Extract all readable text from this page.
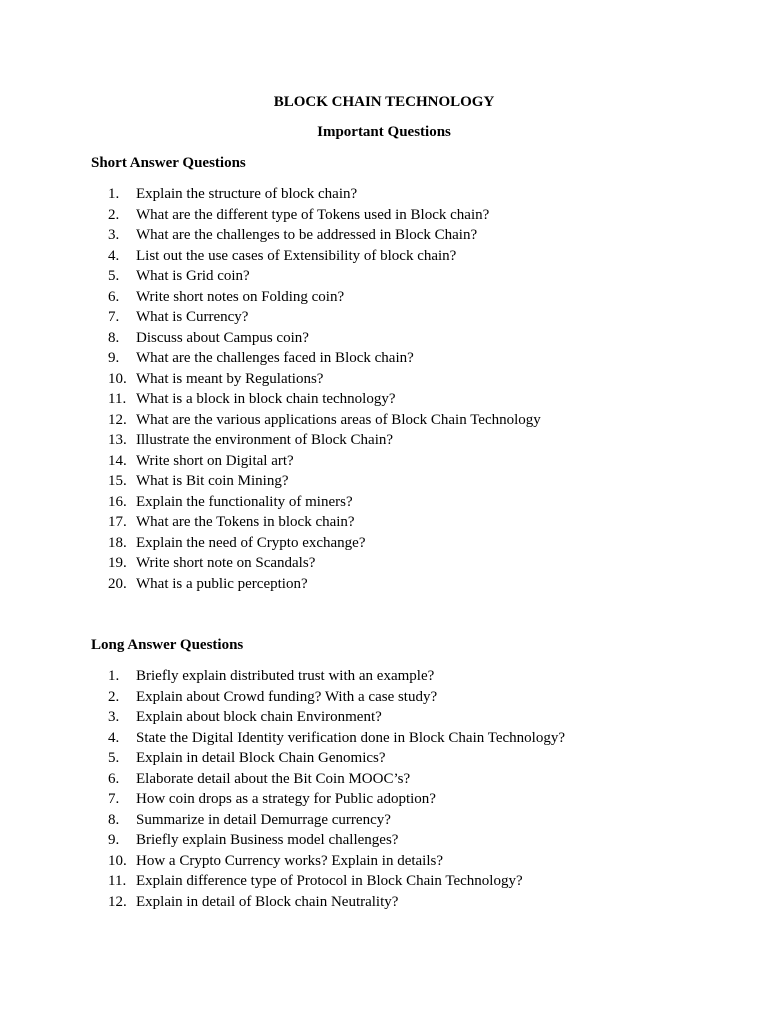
BLOCK CHAIN TECHNOLOGY
Important Questions
Short Answer Questions
1. Explain the structure of block chain?
2. What are the different type of Tokens used in Block chain?
3. What are the challenges to be addressed in Block Chain?
4. List out the use cases of Extensibility of block chain?
5. What is Grid coin?
6. Write short notes on Folding coin?
7. What is Currency?
8. Discuss about Campus coin?
9. What are the challenges faced in Block chain?
10. What is meant by Regulations?
11. What is a block in block chain technology?
12. What are the various applications areas of Block Chain Technology
13. Illustrate the environment of Block Chain?
14. Write short on Digital art?
15. What is Bit coin Mining?
16. Explain the functionality of miners?
17. What are the Tokens in block chain?
18. Explain the need of Crypto exchange?
19. Write short note on Scandals?
20. What is a public perception?
Long Answer Questions
1. Briefly explain distributed trust with an example?
2. Explain about Crowd funding? With a case study?
3. Explain about block chain Environment?
4. State the Digital Identity verification done in Block Chain Technology?
5. Explain in detail Block Chain Genomics?
6. Elaborate detail about the Bit Coin MOOC’s?
7. How coin drops as a strategy for Public adoption?
8. Summarize in detail Demurrage currency?
9. Briefly explain Business model challenges?
10. How a Crypto Currency works? Explain in details?
11. Explain difference type of Protocol in Block Chain Technology?
12. Explain in detail of Block chain Neutrality?
